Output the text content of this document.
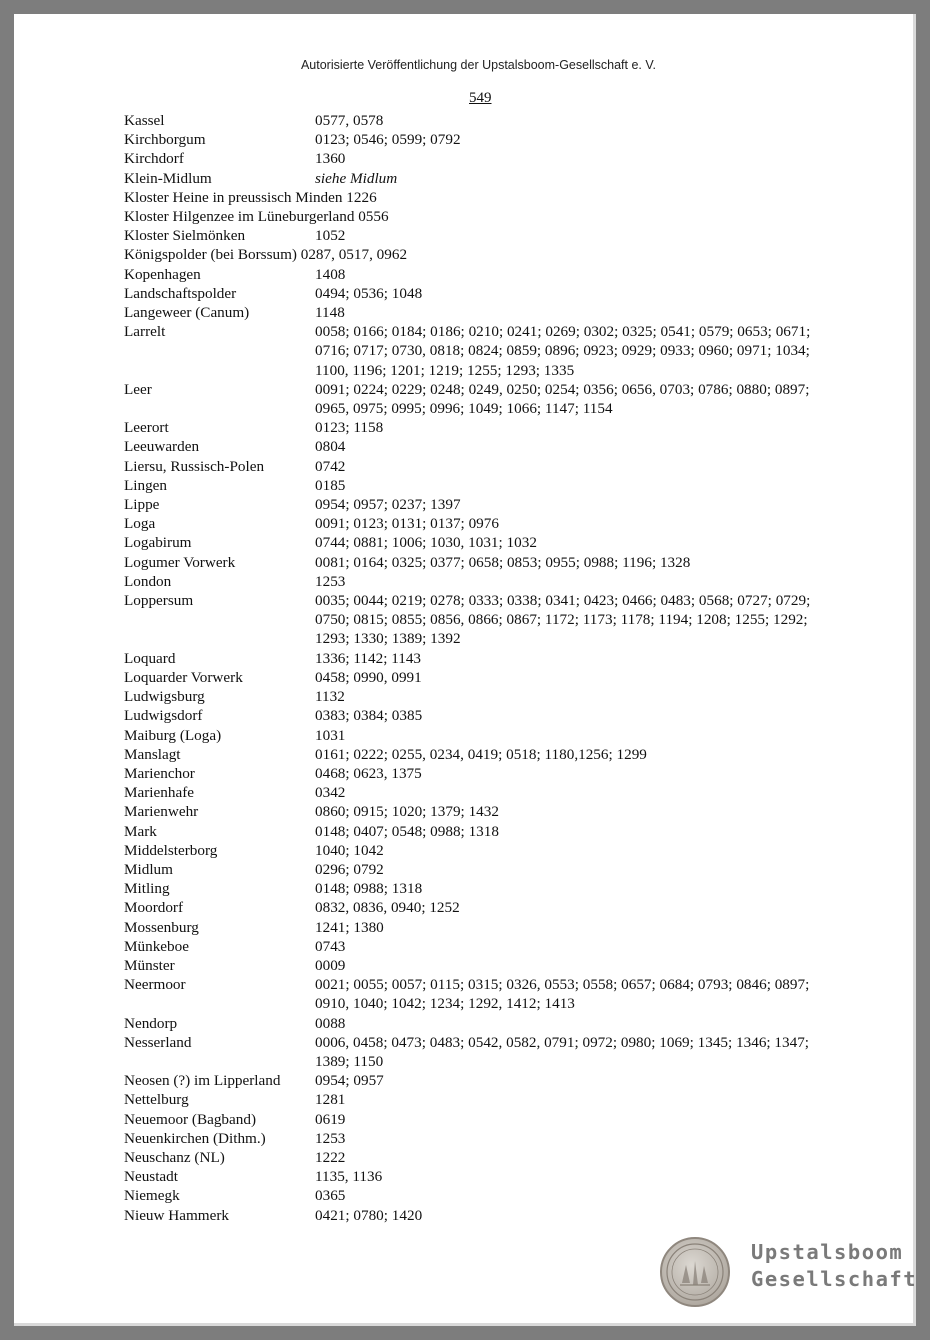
Autorisierte Veröffentlichung der Upstalsboom-Gesellschaft e. V.
549
Kassel	0577, 0578
Kirchborgum	0123; 0546; 0599; 0792
Kirchdorf	1360
Klein-Midlum	siehe Midlum
Kloster Heine in preussisch Minden 1226
Kloster Hilgenzee im Lüneburgerland 0556
Kloster Sielmönken	1052
Königspolder (bei Borssum) 0287, 0517, 0962
Kopenhagen	1408
Landschaftspolder	0494; 0536; 1048
Langeweer (Canum)	1148
Larrelt	0058; 0166; 0184; 0186; 0210; 0241; 0269; 0302; 0325; 0541; 0579; 0653; 0671; 0716; 0717; 0730, 0818; 0824; 0859; 0896; 0923; 0929; 0933; 0960; 0971; 1034; 1100, 1196; 1201; 1219; 1255; 1293; 1335
Leer	0091; 0224; 0229; 0248; 0249, 0250; 0254; 0356; 0656, 0703; 0786; 0880; 0897; 0965, 0975; 0995; 0996; 1049; 1066; 1147; 1154
Leerort	0123; 1158
Leeuwarden	0804
Liersu, Russisch-Polen	0742
Lingen	0185
Lippe	0954; 0957; 0237; 1397
Loga	0091; 0123; 0131; 0137; 0976
Logabirum	0744; 0881; 1006; 1030, 1031; 1032
Logumer Vorwerk	0081; 0164; 0325; 0377; 0658; 0853; 0955; 0988; 1196; 1328
London	1253
Loppersum	0035; 0044; 0219; 0278; 0333; 0338; 0341; 0423; 0466; 0483; 0568; 0727; 0729; 0750; 0815; 0855; 0856, 0866; 0867; 1172; 1173; 1178; 1194; 1208; 1255; 1292; 1293; 1330; 1389; 1392
Loquard	1336; 1142; 1143
Loquarder Vorwerk	0458; 0990, 0991
Ludwigsburg	1132
Ludwigsdorf	0383; 0384; 0385
Maiburg (Loga)	1031
Manslagt	0161; 0222; 0255, 0234, 0419; 0518; 1180,1256; 1299
Marienchor	0468; 0623, 1375
Marienhafe	0342
Marienwehr	0860; 0915; 1020; 1379; 1432
Mark	0148; 0407; 0548; 0988; 1318
Middelsterborg	1040; 1042
Midlum	0296; 0792
Mitling	0148; 0988; 1318
Moordorf	0832, 0836, 0940; 1252
Mossenburg	1241; 1380
Münkeboe	0743
Münster	0009
Neermoor	0021; 0055; 0057; 0115; 0315; 0326, 0553; 0558; 0657; 0684; 0793; 0846; 0897; 0910, 1040; 1042; 1234; 1292, 1412; 1413
Nendorp	0088
Nesserland	0006, 0458; 0473; 0483; 0542, 0582, 0791; 0972; 0980; 1069; 1345; 1346; 1347; 1389; 1150
Neosen (?) im Lipperland	0954; 0957
Nettelburg	1281
Neuemoor (Bagband)	0619
Neuenkirchen (Dithm.)	1253
Neuschanz (NL)	1222
Neustadt	1135, 1136
Niemegk	0365
Nieuw Hammerk	0421; 0780; 1420
Upstalsboom
Gesellschaft
